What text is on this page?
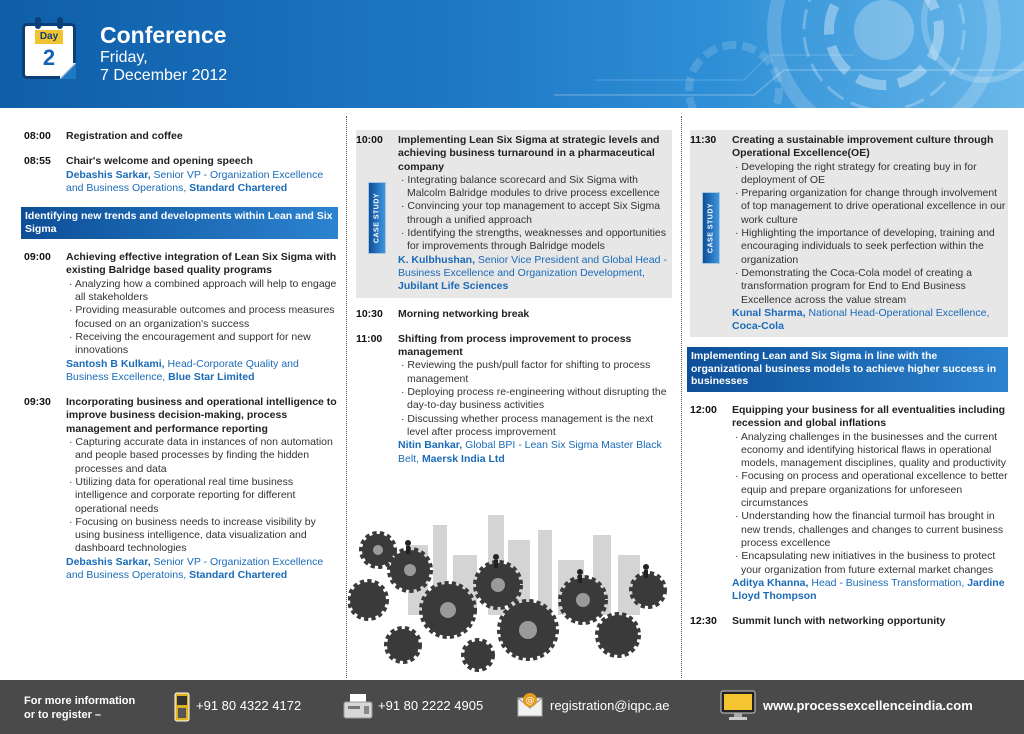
Day
2
Conference
Friday,
7 December 2012
08:00	Registration and coffee
08:55	Chair's welcome and opening speech
Debashis Sarkar, Senior VP - Organization Excellence and Business Operations, Standard Chartered
Identifying new trends and developments within Lean and Six Sigma
09:00	Achieving effective integration of Lean Six Sigma with existing Balridge based quality programs
· Analyzing how a combined approach will help to engage all stakeholders
· Providing measurable outcomes and process measures focused on an organization's success
· Receiving the encouragement and support for new innovations
Santosh B Kulkami, Head-Corporate Quality and Business Excellence, Blue Star Limited
09:30	Incorporating business and operational intelligence to improve business decision-making, process management and performance reporting
· Capturing accurate data in instances of non automation and people based processes by finding the hidden processes and data
· Utilizing data for operational real time business intelligence and corporate reporting for different operational needs
· Focusing on business needs to increase visibility by using business intelligence, data visualization and dashboard technologies
Debashis Sarkar, Senior VP - Organization Excellence and Business Operatoins, Standard Chartered
CASE STUDY
10:00	Implementing Lean Six Sigma at strategic levels and achieving business turnaround in a pharmaceutical company
· Integrating balance scorecard and Six Sigma with Malcolm Balridge modules to drive process excellence
· Convincing your top management to accept Six Sigma through a unified approach
· Identifying the strengths, weaknesses and opportunities for improvements through Balridge models
K. Kulbhushan, Senior Vice President and Global Head - Business Excellence and Organization Development, Jubilant Life Sciences
10:30	Morning networking break
11:00	Shifting from process improvement to process management
· Reviewing the push/pull factor for shifting to process management
· Deploying process re-engineering without disrupting the day-to-day business activities
· Discussing whether process management is the next level after process improvement
Nitin Bankar, Global BPI - Lean Six Sigma Master Black Belt, Maersk India Ltd
CASE STUDY
11:30	Creating a sustainable improvement culture through Operational Excellence(OE)
· Developing the right strategy for creating buy in for deployment of OE
· Preparing organization for change through involvement of top management to drive operational excellence in our work culture
· Highlighting the importance of developing, training and encouraging individuals to seek perfection within the organization
· Demonstrating the Coca-Cola model of creating a transformation program for End to End Business Excellence across the value stream
Kunal Sharma, National Head-Operational Excellence, Coca-Cola
Implementing Lean and Six Sigma in line with the organizational business models to achieve higher success in businesses
12:00	Equipping your business for all eventualities including recession and global inflations
· Analyzing challenges in the businesses and the current economy and identifying historical flaws in operational models, management disciplines, quality and productivity
· Focusing on process and operational excellence to better equip and prepare organizations for unforeseen circumstances
· Understanding how the financial turmoil has brought in new trends, challenges and changes to current business process excellence
· Encapsulating new initiatives in the business to protect your organization from future external market changes
Aditya Khanna, Head - Business Transformation, Jardine Lloyd Thompson
12:30	Summit lunch with networking opportunity
For more information
or to register –
+91 80 4322 4172	+91 80 2222 4905	@ registration@iqpc.ae	www.processexcellenceindia.com
